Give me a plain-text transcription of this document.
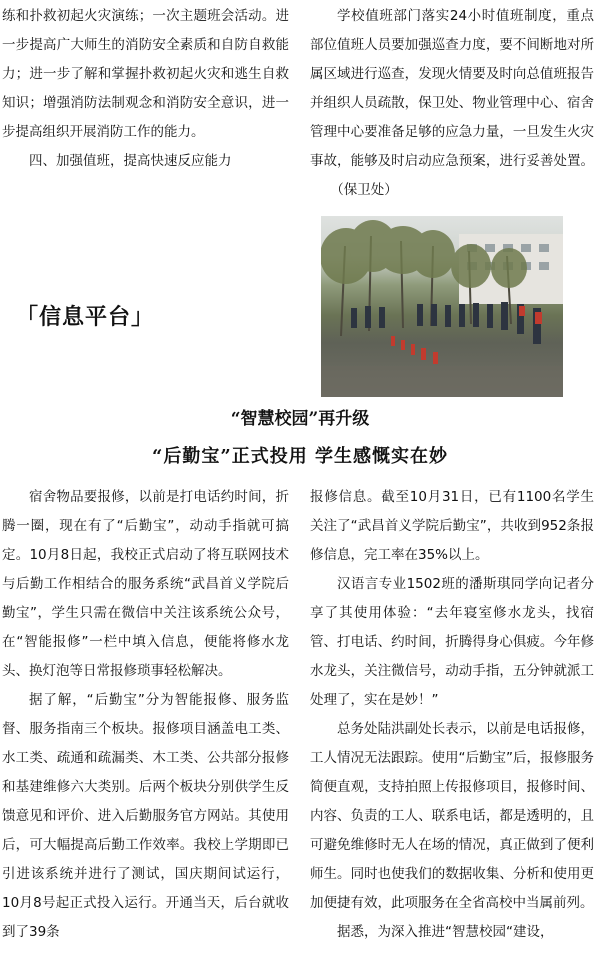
练和扑救初起火灾演练；一次主题班会活动。进一步提高广大师生的消防安全素质和自防自救能力；进一步了解和掌握扑救初起火灾和逃生自救知识；增强消防法制观念和消防安全意识，进一步提高组织开展消防工作的能力。

四、加强值班，提高快速反应能力

学校值班部门落实24小时值班制度，重点部位值班人员要加强巡查力度，要不间断地对所属区域进行巡查，发现火情要及时向总值班报告并组织人员疏散，保卫处、物业管理中心、宿舍管理中心要准备足够的应急力量，一旦发生火灾事故，能够及时启动应急预案，进行妥善处置。（保卫处）

「信息平台」
“智慧校园”再升级
“后勤宝”正式投用 学生感慨实在妙

宿舍物品要报修，以前是打电话约时间，折腾一圈，现在有了“后勤宝”，动动手指就可搞定。10月8日起，我校正式启动了将互联网技术与后勤工作相结合的服务系统“武昌首义学院后勤宝”，学生只需在微信中关注该系统公众号，在“智能报修”一栏中填入信息，便能将修水龙头、换灯泡等日常报修琐事轻松解决。

据了解，“后勤宝”分为智能报修、服务监督、服务指南三个板块。报修项目涵盖电工类、水工类、疏通和疏漏类、木工类、公共部分报修和基建维修六大类别。后两个板块分别供学生反馈意见和评价、进入后勤服务官方网站。其使用后，可大幅提高后勤工作效率。我校上学期即已引进该系统并进行了测试，国庆期间试运行，10月8号起正式投入运行。开通当天，后台就收到了39条

报修信息。截至10月31日，已有1100名学生关注了“武昌首义学院后勤宝”，共收到952条报修信息，完工率在35%以上。

汉语言专业1502班的潘斯琪同学向记者分享了其使用体验：“去年寝室修水龙头，找宿管、打电话、约时间，折腾得身心俱疲。今年修水龙头，关注微信号，动动手指，五分钟就派工处理了，实在是妙！”

总务处陆洪副处长表示，以前是电话报修，工人情况无法跟踪。使用“后勤宝”后，报修服务简便直观，支持拍照上传报修项目，报修时间、内容、负责的工人、联系电话，都是透明的，且可避免维修时无人在场的情况，真正做到了便利师生。同时也使我们的数据收集、分析和使用更加便捷有效，此项服务在全省高校中当属前列。

据悉，为深入推进“智慧校园“建设，
